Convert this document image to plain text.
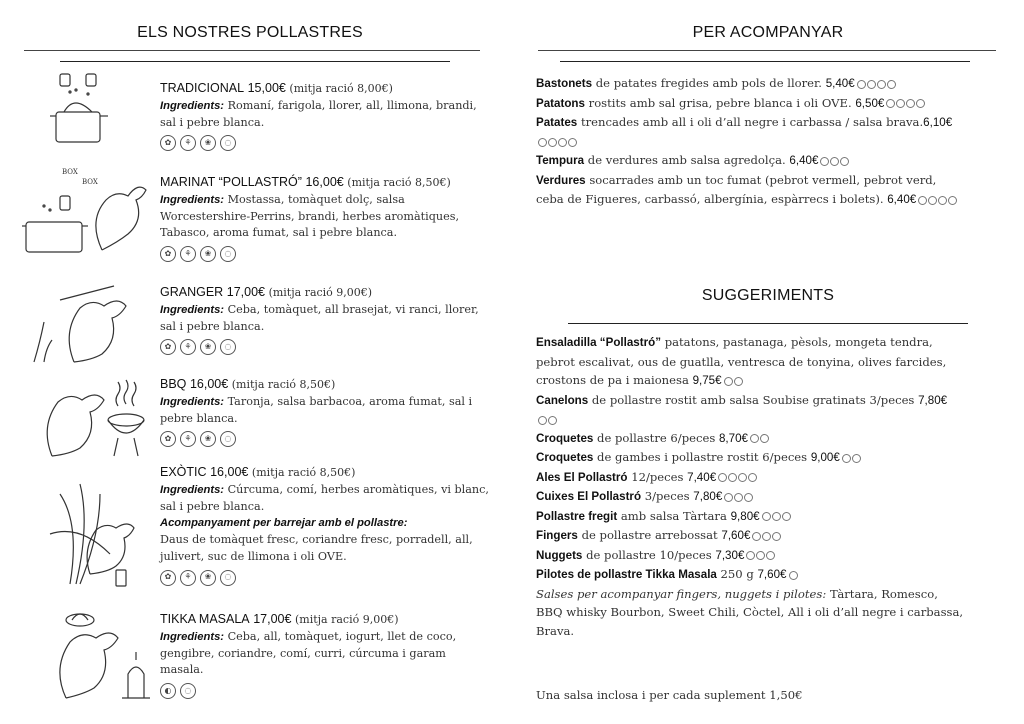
ELS NOSTRES POLLASTRES
BOX
BOX
TRADICIONAL 15,00€ (mitja ració 8,00€)
Ingredients: Romaní, farigola, llorer, all, llimona, brandi, sal i pebre blanca.
✿	⚘	❀	◌
MARINAT “POLLASTRÓ” 16,00€ (mitja ració 8,50€)
Ingredients: Mostassa, tomàquet dolç, salsa Worcestershire-Perrins, brandi, herbes aromàtiques, Tabasco, aroma fumat, sal i pebre blanca.
✿	⚘	❀	◌
GRANGER 17,00€ (mitja ració 9,00€)
Ingredients: Ceba, tomàquet, all brasejat, vi ranci, llorer, sal i pebre blanca.
✿	⚘	❀	◌
BBQ 16,00€ (mitja ració 8,50€)
Ingredients: Taronja, salsa barbacoa, aroma fumat, sal i pebre blanca.
✿	⚘	❀	◌
EXÒTIC 16,00€ (mitja ració 8,50€)
Ingredients: Cúrcuma, comí, herbes aromàtiques, vi blanc, sal i pebre blanca.
Acompanyament per barrejar amb el pollastre:
Daus de tomàquet fresc, coriandre fresc, porradell, all, julivert, suc de llimona i oli OVE.
✿	⚘	❀	◌
TIKKA MASALA 17,00€ (mitja ració 9,00€)
Ingredients: Ceba, all, tomàquet, iogurt, llet de coco, gengibre, coriandre, comí, curri, cúrcuma i garam masala.
◐	◌
PER ACOMPANYAR
Bastonets de patates fregides amb pols de llorer. 5,40€
Patatons rostits amb sal grisa, pebre blanca i oli OVE. 6,50€
Patates trencades amb all i oli d’all negre i carbassa / salsa brava.6,10€
Tempura de verdures amb salsa agredolça. 6,40€
Verdures socarrades amb un toc fumat (pebrot vermell, pebrot verd, ceba de Figueres, carbassó, albergínia, espàrrecs i bolets). 6,40€
SUGGERIMENTS
Ensaladilla “Pollastró” patatons, pastanaga, pèsols, mongeta tendra, pebrot escalivat, ous de guatlla, ventresca de tonyina, olives farcides, crostons de pa i maionesa 9,75€
Canelons de pollastre rostit amb salsa Soubise gratinats 3/peces 7,80€
Croquetes de pollastre 6/peces 8,70€
Croquetes de gambes i pollastre rostit 6/peces 9,00€
Ales El Pollastró 12/peces 7,40€
Cuixes El Pollastró 3/peces 7,80€
Pollastre fregit amb salsa Tàrtara 9,80€
Fingers de pollastre arrebossat 7,60€
Nuggets de pollastre 10/peces 7,30€
Pilotes de pollastre Tikka Masala 250 g 7,60€
Salses per acompanyar fingers, nuggets i pilotes: Tàrtara, Romesco, BBQ whisky Bourbon, Sweet Chili, Còctel, All i oli d’all negre i carbassa, Brava.
Una salsa inclosa i per cada suplement 1,50€
